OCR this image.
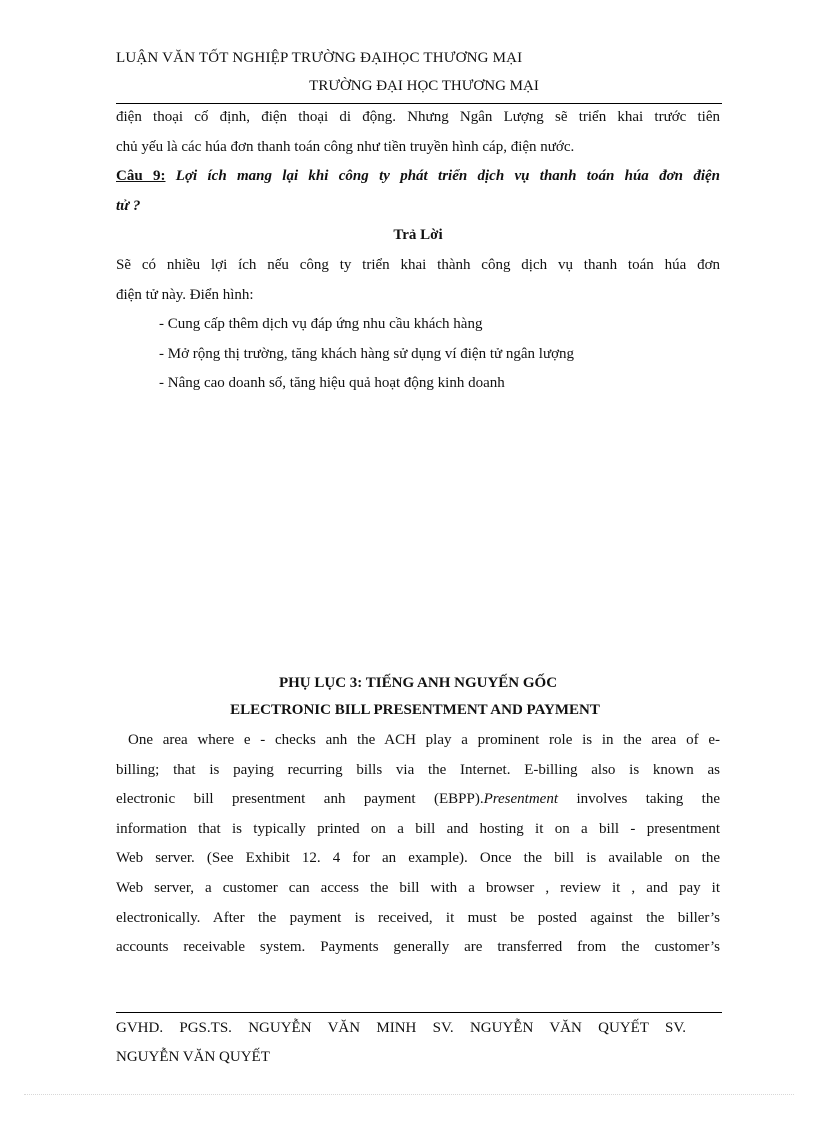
LUẬN VĂN TỐT NGHIỆP TRƯỜNG ĐẠIHỌC THƯƠNG MẠI
TRƯỜNG ĐẠI HỌC THƯƠNG MẠI
điện thoại cố định, điện thoại di động. Nhưng Ngân Lượng sẽ triển khai trước tiên
chủ yếu là các húa đơn thanh toán công như tiền truyền hình cáp, điện nước.
Câu 9: Lợi ích mang lại khi công ty phát triển dịch vụ thanh toán húa đơn điện
tử ?
Trả Lời
Sẽ có nhiều lợi ích nếu công ty triển khai thành công dịch vụ thanh toán húa đơn
điện tử này. Điển hình:
- Cung cấp thêm dịch vụ đáp ứng nhu cầu khách hàng
- Mở rộng thị trường, tăng khách hàng sử dụng ví điện tử ngân lượng
- Nâng cao doanh số, tăng hiệu quả hoạt động kinh doanh
PHỤ LỤC 3: TIẾNG ANH NGUYẾN GỐC
ELECTRONIC BILL PRESENTMENT AND PAYMENT
One area where e - checks anh the ACH play a prominent role is in the area of e-
billing; that is paying recurring bills via the Internet. E-billing also is known as
electronic bill presentment anh payment (EBPP).Presentment involves taking the
information that is typically printed on a bill and hosting it on a bill - presentment
Web server. (See Exhibit 12. 4 for an example). Once the bill is available on the
Web server, a customer can access the bill with a browser , review it , and pay it
electronically. After the payment is received, it must be posted against the biller’s
accounts receivable system. Payments generally are transferred from the customer’s
GVHD. PGS.TS. NGUYỄN VĂN MINH SV. NGUYỄN VĂN QUYẾT SV.
NGUYỄN VĂN QUYẾT
